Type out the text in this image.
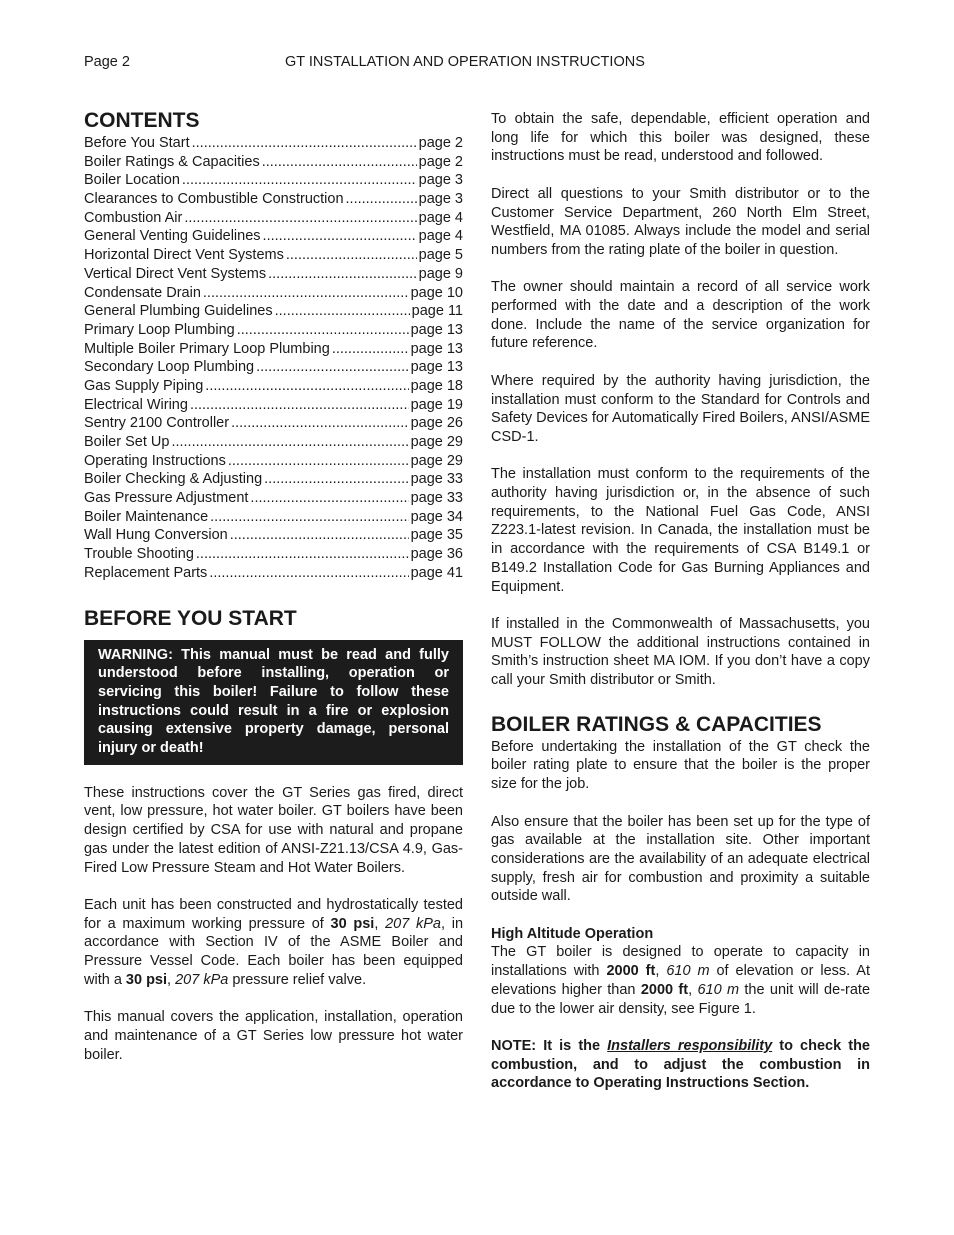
Page 2	GT INSTALLATION AND OPERATION INSTRUCTIONS
CONTENTS
Before You Start .....	page 2
Boiler Ratings & Capacities .....	page 2
Boiler Location .....	page 3
Clearances to Combustible Construction .....	page 3
Combustion Air .....	page 4
General Venting Guidelines .....	page 4
Horizontal Direct Vent Systems .....	page 5
Vertical Direct Vent Systems .....	page 9
Condensate Drain .....	page 10
General Plumbing Guidelines .....	page 11
Primary Loop Plumbing .....	page 13
Multiple Boiler Primary Loop Plumbing .....	page 13
Secondary Loop Plumbing .....	page 13
Gas Supply Piping .....	page 18
Electrical Wiring .....	page 19
Sentry 2100 Controller .....	page 26
Boiler Set Up .....	page 29
Operating Instructions .....	page 29
Boiler Checking & Adjusting .....	page 33
Gas Pressure Adjustment .....	page 33
Boiler Maintenance .....	page 34
Wall Hung Conversion .....	page 35
Trouble Shooting .....	page 36
Replacement Parts .....	page 41
BEFORE YOU START
WARNING: This manual must be read and fully understood before installing, operation or servicing this boiler! Failure to follow these instructions could result in a fire or explosion causing extensive property damage, personal injury or death!

These instructions cover the GT Series gas fired, direct vent, low pressure, hot water boiler. GT boilers have been design certified by CSA for use with natural and propane gas under the latest edition of ANSI-Z21.13/CSA 4.9, Gas-Fired Low Pressure Steam and Hot Water Boilers.

Each unit has been constructed and hydrostatically tested for a maximum working pressure of 30 psi, 207 kPa, in accordance with Section IV of the ASME Boiler and Pressure Vessel Code. Each boiler has been equipped with a 30 psi, 207 kPa pressure relief valve.

This manual covers the application, installation, operation and maintenance of a GT Series low pressure hot water boiler.

To obtain the safe, dependable, efficient operation and long life for which this boiler was designed, these instructions must be read, understood and followed.

Direct all questions to your Smith distributor or to the Customer Service Department, 260 North Elm Street, Westfield, MA 01085. Always include the model and serial numbers from the rating plate of the boiler in question.

The owner should maintain a record of all service work performed with the date and a description of the work done. Include the name of the service organization for future reference.

Where required by the authority having jurisdiction, the installation must conform to the Standard for Controls and Safety Devices for Automatically Fired Boilers, ANSI/ASME CSD-1.

The installation must conform to the requirements of the authority having jurisdiction or, in the absence of such requirements, to the National Fuel Gas Code, ANSI Z223.1-latest revision. In Canada, the installation must be in accordance with the requirements of CSA B149.1 or B149.2 Installation Code for Gas Burning Appliances and Equipment.

If installed in the Commonwealth of Massachusetts, you MUST FOLLOW the additional instructions contained in Smith’s instruction sheet MA IOM. If you don’t have a copy call your Smith distributor or Smith.

BOILER RATINGS & CAPACITIES

Before undertaking the installation of the GT check the boiler rating plate to ensure that the boiler is the proper size for the job.

Also ensure that the boiler has been set up for the type of gas available at the installation site. Other important considerations are the availability of an adequate electrical supply, fresh air for combustion and proximity a suitable outside wall.

High Altitude Operation

The GT boiler is designed to operate to capacity in installations with 2000 ft, 610 m of elevation or less. At elevations higher than 2000 ft, 610 m the unit will de-rate due to the lower air density, see Figure 1.

NOTE: It is the Installers responsibility to check the combustion, and to adjust the combustion in accordance to Operating Instructions Section.
